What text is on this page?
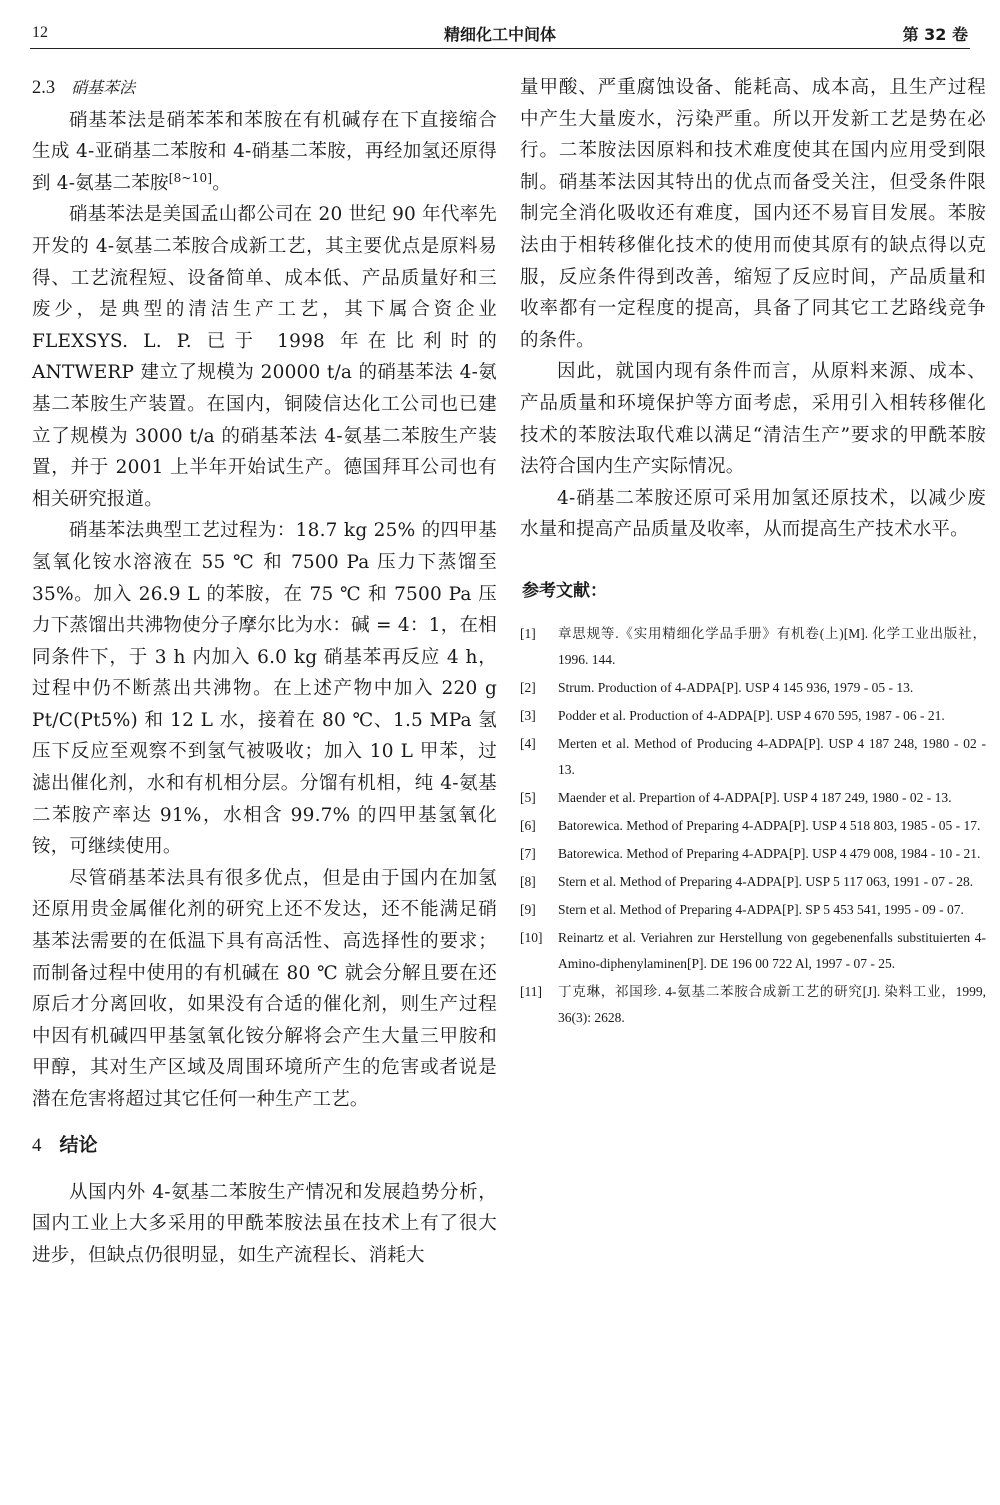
12	精细化工中间体	第 32 卷
2.3 硝基苯法

硝基苯法是硝苯苯和苯胺在有机碱存在下直接缩合生成 4-亚硝基二苯胺和 4-硝基二苯胺，再经加氢还原得到 4-氨基二苯胺[8~10]。

硝基苯法是美国孟山都公司在 20 世纪 90 年代率先开发的 4-氨基二苯胺合成新工艺，其主要优点是原料易得、工艺流程短、设备简单、成本低、产品质量好和三废少，是典型的清洁生产工艺，其下属合资企业 FLEXSYS. L. P. 已于 1998 年在比利时的 ANTWERP 建立了规模为 20000 t/a 的硝基苯法 4-氨基二苯胺生产装置。在国内，铜陵信达化工公司也已建立了规模为 3000 t/a 的硝基苯法 4-氨基二苯胺生产装置，并于 2001 上半年开始试生产。德国拜耳公司也有相关研究报道。

硝基苯法典型工艺过程为：18.7 kg 25% 的四甲基氢氧化铵水溶液在 55 ℃ 和 7500 Pa 压力下蒸馏至 35%。加入 26.9 L 的苯胺，在 75 ℃ 和 7500 Pa 压力下蒸馏出共沸物使分子摩尔比为水：碱 = 4：1，在相同条件下，于 3 h 内加入 6.0 kg 硝基苯再反应 4 h，过程中仍不断蒸出共沸物。在上述产物中加入 220 g Pt/C(Pt5%) 和 12 L 水，接着在 80 ℃、1.5 MPa 氢压下反应至观察不到氢气被吸收；加入 10 L 甲苯，过滤出催化剂，水和有机相分层。分馏有机相，纯 4-氨基二苯胺产率达 91%，水相含 99.7% 的四甲基氢氧化铵，可继续使用。

尽管硝基苯法具有很多优点，但是由于国内在加氢还原用贵金属催化剂的研究上还不发达，还不能满足硝基苯法需要的在低温下具有高活性、高选择性的要求；而制备过程中使用的有机碱在 80 ℃ 就会分解且要在还原后才分离回收，如果没有合适的催化剂，则生产过程中因有机碱四甲基氢氧化铵分解将会产生大量三甲胺和甲醇，其对生产区域及周围环境所产生的危害或者说是潜在危害将超过其它任何一种生产工艺。

4 结论

从国内外 4-氨基二苯胺生产情况和发展趋势分析，国内工业上大多采用的甲酰苯胺法虽在技术上有了很大进步，但缺点仍很明显，如生产流程长、消耗大

量甲酸、严重腐蚀设备、能耗高、成本高，且生产过程中产生大量废水，污染严重。所以开发新工艺是势在必行。二苯胺法因原料和技术难度使其在国内应用受到限制。硝基苯法因其特出的优点而备受关注，但受条件限制完全消化吸收还有难度，国内还不易盲目发展。苯胺法由于相转移催化技术的使用而使其原有的缺点得以克服，反应条件得到改善，缩短了反应时间，产品质量和收率都有一定程度的提高，具备了同其它工艺路线竞争的条件。

因此，就国内现有条件而言，从原料来源、成本、产品质量和环境保护等方面考虑，采用引入相转移催化技术的苯胺法取代难以满足“清洁生产”要求的甲酰苯胺法符合国内生产实际情况。

4-硝基二苯胺还原可采用加氢还原技术，以减少废水量和提高产品质量及收率，从而提高生产技术水平。

参考文献：
[1]	章思规等.《实用精细化学品手册》有机卷(上)[M]. 化学工业出版社，1996. 144.
[2]	Strum. Production of 4-ADPA[P]. USP 4 145 936, 1979 - 05 - 13.
[3]	Podder et al. Production of 4-ADPA[P]. USP 4 670 595, 1987 - 06 - 21.
[4]	Merten et al. Method of Producing 4-ADPA[P]. USP 4 187 248, 1980 - 02 - 13.
[5]	Maender et al. Prepartion of 4-ADPA[P]. USP 4 187 249, 1980 - 02 - 13.
[6]	Batorewica. Method of Preparing 4-ADPA[P]. USP 4 518 803, 1985 - 05 - 17.
[7]	Batorewica. Method of Preparing 4-ADPA[P]. USP 4 479 008, 1984 - 10 - 21.
[8]	Stern et al. Method of Preparing 4-ADPA[P]. USP 5 117 063, 1991 - 07 - 28.
[9]	Stern et al. Method of Preparing 4-ADPA[P]. SP 5 453 541, 1995 - 09 - 07.
[10]	Reinartz et al. Veriahren zur Herstellung von gegebenenfalls substituierten 4-Amino-diphenylaminen[P]. DE 196 00 722 Al, 1997 - 07 - 25.
[11]	丁克琳，祁国珍. 4-氨基二苯胺合成新工艺的研究[J]. 染料工业，1999, 36(3): 2628.
